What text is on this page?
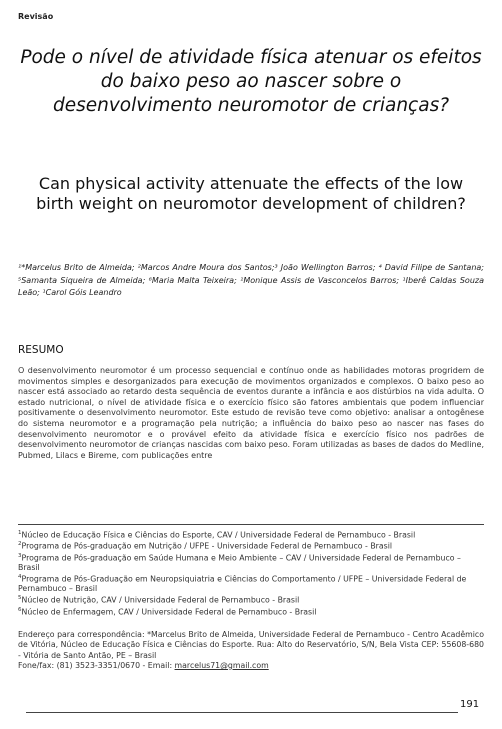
Revisão
Pode o nível de atividade física atenuar os efeitos do baixo peso ao nascer sobre o desenvolvimento neuromotor de crianças?
Can physical activity attenuate the effects of the low birth weight on neuromotor development of children?
¹*Marcelus Brito de Almeida; ²Marcos Andre Moura dos Santos;³ João Wellington Barros; ⁴ David Filipe de Santana; ⁵Samanta Siqueira de Almeida; ⁶Maria Malta Teixeira; ¹Monique Assis de Vasconcelos Barros; ¹Iberê Caldas Souza Leão; ¹Carol Góis Leandro
RESUMO
O desenvolvimento neuromotor é um processo sequencial e contínuo onde as habilidades motoras progridem de movimentos simples e desorganizados para execução de movimentos organizados e complexos. O baixo peso ao nascer está associado ao retardo desta sequência de eventos durante a infância e aos distúrbios na vida adulta. O estado nutricional, o nível de atividade física e o exercício físico são fatores ambientais que podem influenciar positivamente o desenvolvimento neuromotor. Este estudo de revisão teve como objetivo: analisar a ontogênese do sistema neuromotor e a programação pela nutrição; a influência do baixo peso ao nascer nas fases do desenvolvimento neuromotor e o provável efeito da atividade física e exercício físico nos padrões de desenvolvimento neuromotor de crianças nascidas com baixo peso. Foram utilizadas as bases de dados do Medline, Pubmed, Lilacs e Bireme, com publicações entre
$^1$Núcleo de Educação Física e Ciências do Esporte, CAV / Universidade Federal de Pernambuco - Brasil
$^2$Programa de Pós-graduação em Nutrição / UFPE - Universidade Federal de Pernambuco - Brasil
$^3$Programa de Pós-graduação em Saúde Humana e Meio Ambiente – CAV / Universidade Federal de Pernambuco – Brasil
$^4$Programa de Pós-Graduação em Neuropsiquiatria e Ciências do Comportamento / UFPE – Universidade Federal de Pernambuco – Brasil
$^5$Núcleo de Nutrição, CAV / Universidade Federal de Pernambuco - Brasil
$^6$Núcleo de Enfermagem, CAV / Universidade Federal de Pernambuco - Brasil
Endereço para correspondência: *Marcelus Brito de Almeida, Universidade Federal de Pernambuco - Centro Acadêmico de Vitória, Núcleo de Educação Física e Ciências do Esporte. Rua: Alto do Reservatório, S/N, Bela Vista CEP: 55608-680 - Vitória de Santo Antão, PE – Brasil
Fone/fax: (81) 3523-3351/0670 - Email: marcelus71@gmail.com
191
